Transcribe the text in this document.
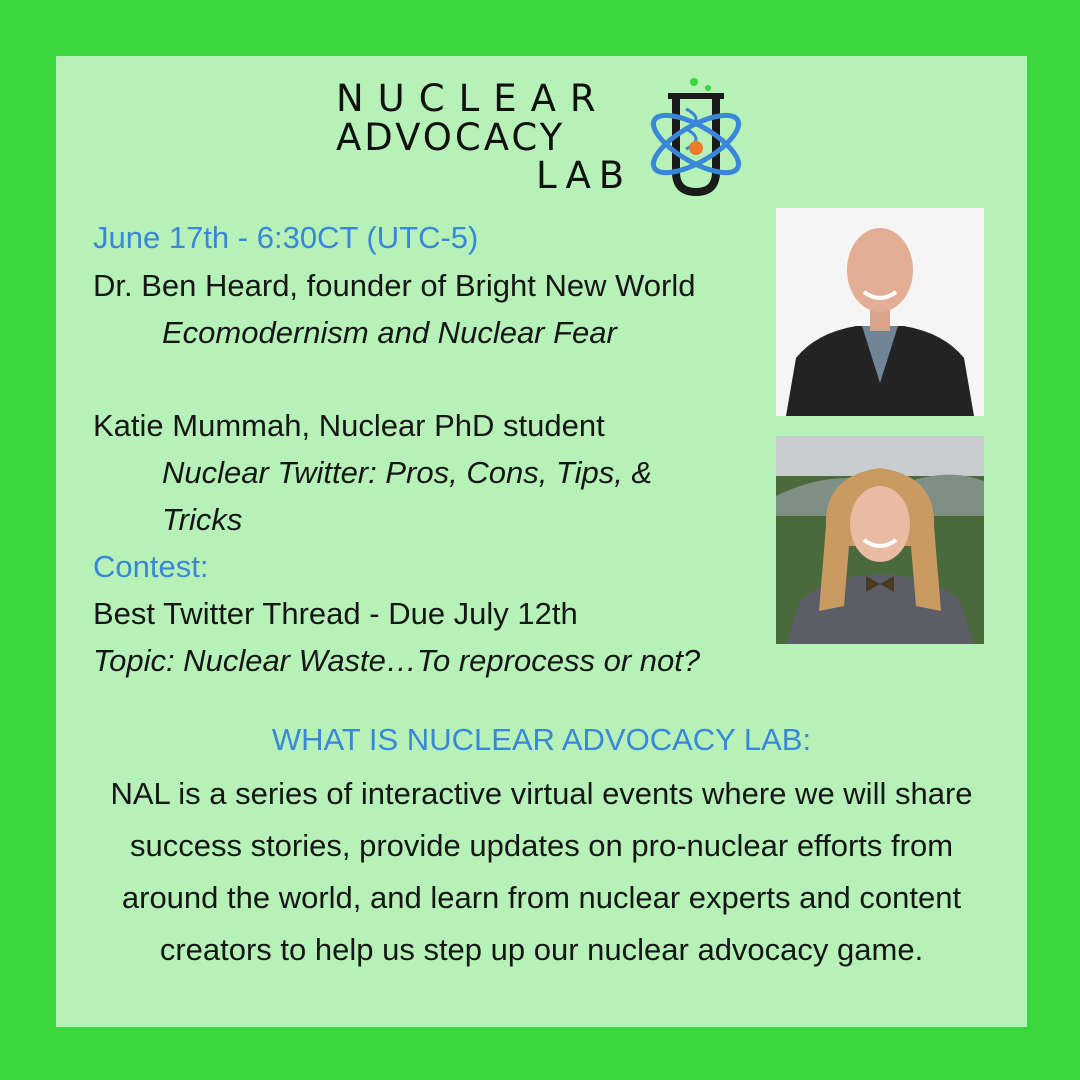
NUCLEAR
ADVOCACY
LAB
June 17th - 6:30CT (UTC-5)
Dr. Ben Heard, founder of Bright New World
Ecomodernism and Nuclear Fear
Katie Mummah, Nuclear PhD student
Nuclear Twitter: Pros, Cons, Tips, &
Tricks
Contest:
Best Twitter Thread - Due July 12th
Topic: Nuclear Waste…To reprocess or not?
WHAT IS NUCLEAR ADVOCACY LAB:
NAL is a series of interactive virtual events where we will share
success stories, provide updates on pro-nuclear efforts from
around the world, and learn from nuclear experts and content
creators to help us step up our nuclear advocacy game.
